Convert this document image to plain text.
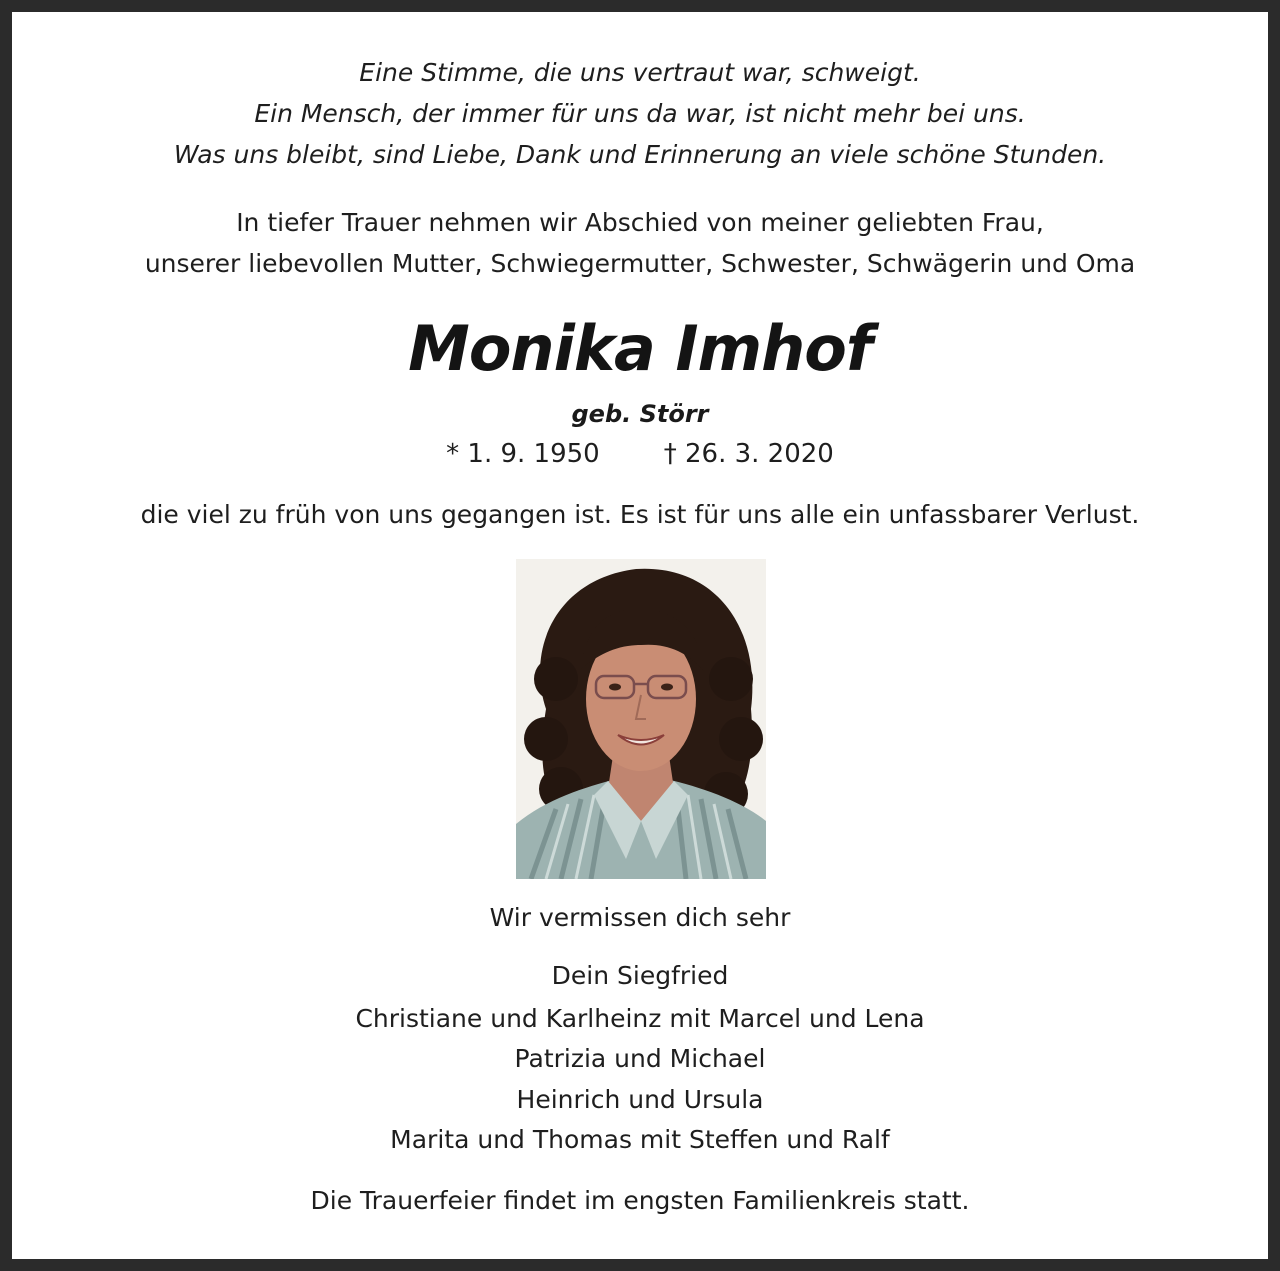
Eine Stimme, die uns vertraut war, schweigt.
Ein Mensch, der immer für uns da war, ist nicht mehr bei uns.
Was uns bleibt, sind Liebe, Dank und Erinnerung an viele schöne Stunden.
In tiefer Trauer nehmen wir Abschied von meiner geliebten Frau,
unserer liebevollen Mutter, Schwiegermutter, Schwester, Schwägerin und Oma
Monika Imhof
geb. Störr
* 1. 9. 1950 † 26. 3. 2020
die viel zu früh von uns gegangen ist. Es ist für uns alle ein unfassbarer Verlust.
Wir vermissen dich sehr
Dein Siegfried
Christiane und Karlheinz mit Marcel und Lena
Patrizia und Michael
Heinrich und Ursula
Marita und Thomas mit Steffen und Ralf
Die Trauerfeier findet im engsten Familienkreis statt.
